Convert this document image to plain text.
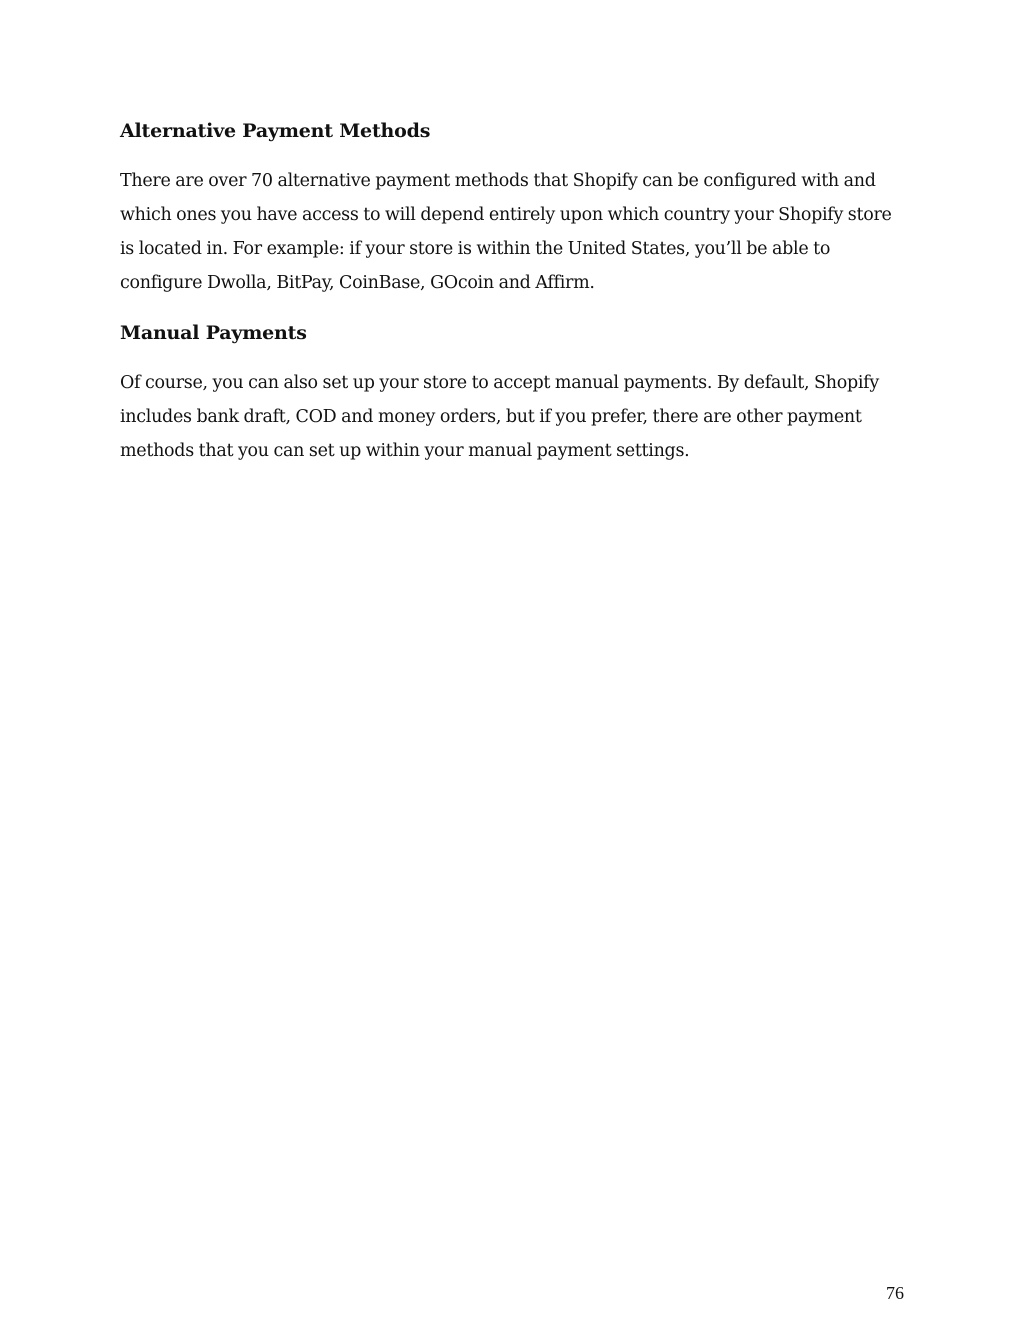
Alternative Payment Methods

There are over 70 alternative payment methods that Shopify can be configured with and which ones you have access to will depend entirely upon which country your Shopify store is located in. For example: if your store is within the United States, you’ll be able to configure Dwolla, BitPay, CoinBase, GOcoin and Affirm.

Manual Payments

Of course, you can also set up your store to accept manual payments. By default, Shopify includes bank draft, COD and money orders, but if you prefer, there are other payment methods that you can set up within your manual payment settings.

76
